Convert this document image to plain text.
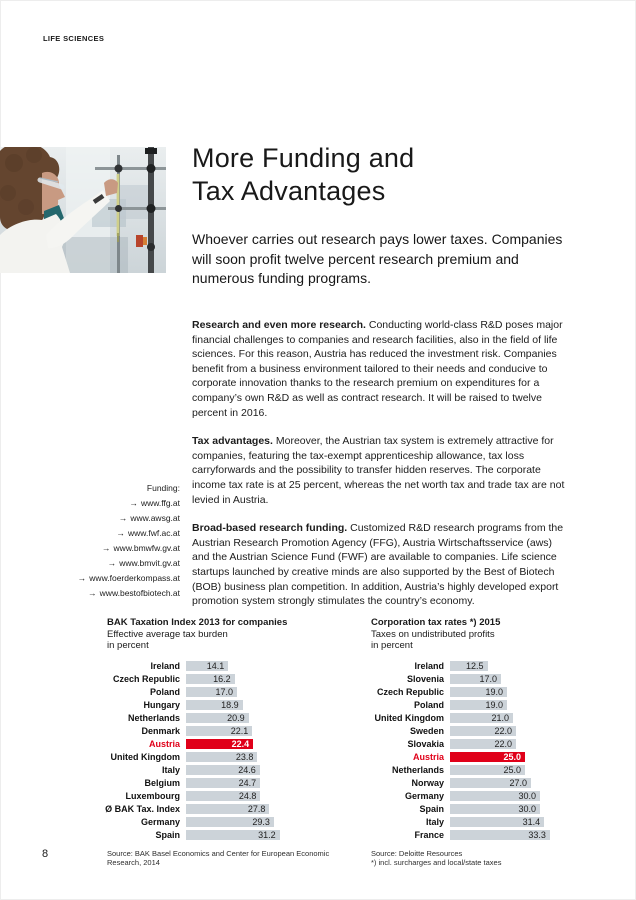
LIFE SCIENCES
More Funding and
Tax Advantages
Whoever carries out research pays lower taxes. Companies will soon profit twelve percent research premium and numerous funding programs.

Research and even more research. Conducting world-class R&D poses major financial challenges to companies and research facilities, also in the field of life sciences. For this reason, Austria has reduced the investment risk. Companies benefit from a business environment tailored to their needs and conducive to corporate innovation thanks to the research premium on expenditures for a company’s own R&D as well as contract research. It will be raised to twelve percent in 2016.

Tax advantages. Moreover, the Austrian tax system is extremely attractive for companies, featuring the tax-exempt apprenticeship allowance, tax loss carryforwards and the possibility to transfer hidden reserves. The corporate income tax rate is at 25 percent, whereas the net worth tax and trade tax are not levied in Austria.

Broad-based research funding. Customized R&D research programs from the Austrian Research Promotion Agency (FFG), Austria Wirtschaftsservice (aws) and the Austrian Science Fund (FWF) are available to companies. Life science startups launched by creative minds are also supported by the Best of Biotech (BOB) business plan competition. In addition, Austria’s highly developed export promotion system strongly stimulates the country’s economy.

Funding:
→ www.ffg.at
→ www.awsg.at
→ www.fwf.ac.at
→ www.bmwfw.gv.at
→ www.bmvit.gv.at
→ www.foerderkompass.at
→ www.bestofbiotech.at
BAK Taxation Index 2013 for companies
Effective average tax burden
in percent
Ireland	14.1
Czech Republic	16.2
Poland	17.0
Hungary	18.9
Netherlands	20.9
Denmark	22.1
Austria	22.4
United Kingdom	23.8
Italy	24.6
Belgium	24.7
Luxembourg	24.8
Ø BAK Tax. Index	27.8
Germany	29.3
Spain	31.2
Source: BAK Basel Economics and Center for European Economic
Research, 2014
Corporation tax rates *) 2015
Taxes on undistributed profits
in percent
Ireland 12.5
Slovenia	17.0
Czech Republic	19.0
Poland	19.0
United Kingdom	21.0
Sweden	22.0
Slovakia	22.0
Austria	25.0
Netherlands	25.0
Norway	27.0
Germany	30.0
Spain	30.0
Italy	31.4
France	33.3
Source: Deloitte Resources
*) incl. surcharges and local/state taxes
8
